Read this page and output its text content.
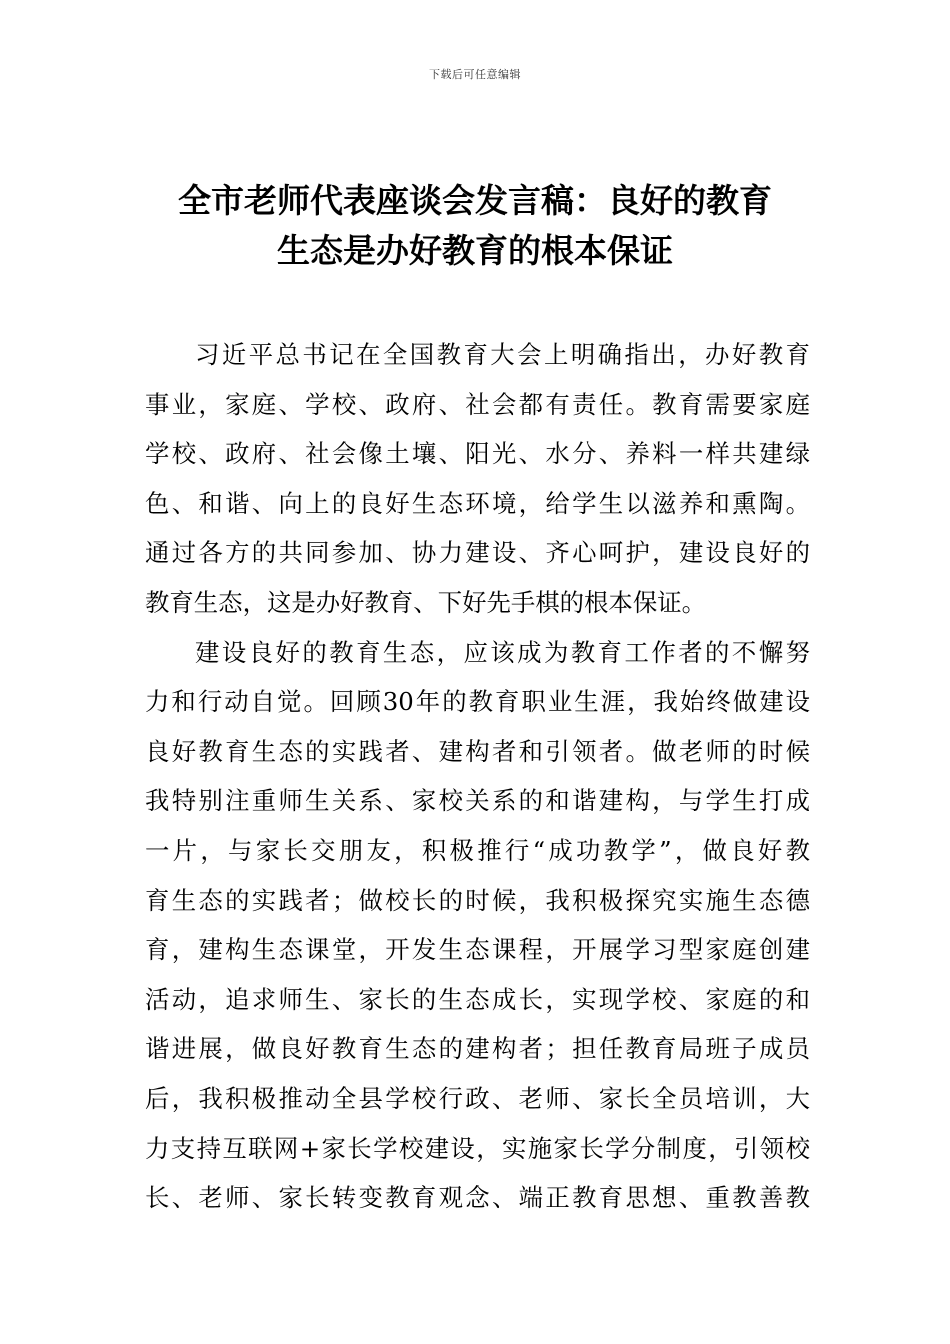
下载后可任意编辑
全市老师代表座谈会发言稿：良好的教育
生态是办好教育的根本保证
习近平总书记在全国教育大会上明确指出，办好教育
事业，家庭、学校、政府、社会都有责任。教育需要家庭
学校、政府、社会像土壤、阳光、水分、养料一样共建绿
色、和谐、向上的良好生态环境，给学生以滋养和熏陶。
通过各方的共同参加、协力建设、齐心呵护，建设良好的
教育生态，这是办好教育、下好先手棋的根本保证。
建设良好的教育生态，应该成为教育工作者的不懈努
力和行动自觉。回顾30年的教育职业生涯，我始终做建设
良好教育生态的实践者、建构者和引领者。做老师的时候
我特别注重师生关系、家校关系的和谐建构，与学生打成
一片，与家长交朋友，积极推行“成功教学”，做良好教
育生态的实践者；做校长的时候，我积极探究实施生态德
育，建构生态课堂，开发生态课程，开展学习型家庭创建
活动，追求师生、家长的生态成长，实现学校、家庭的和
谐进展，做良好教育生态的建构者；担任教育局班子成员
后，我积极推动全县学校行政、老师、家长全员培训，大
力支持互联网+家长学校建设，实施家长学分制度，引领校
长、老师、家长转变教育观念、端正教育思想、重教善教
